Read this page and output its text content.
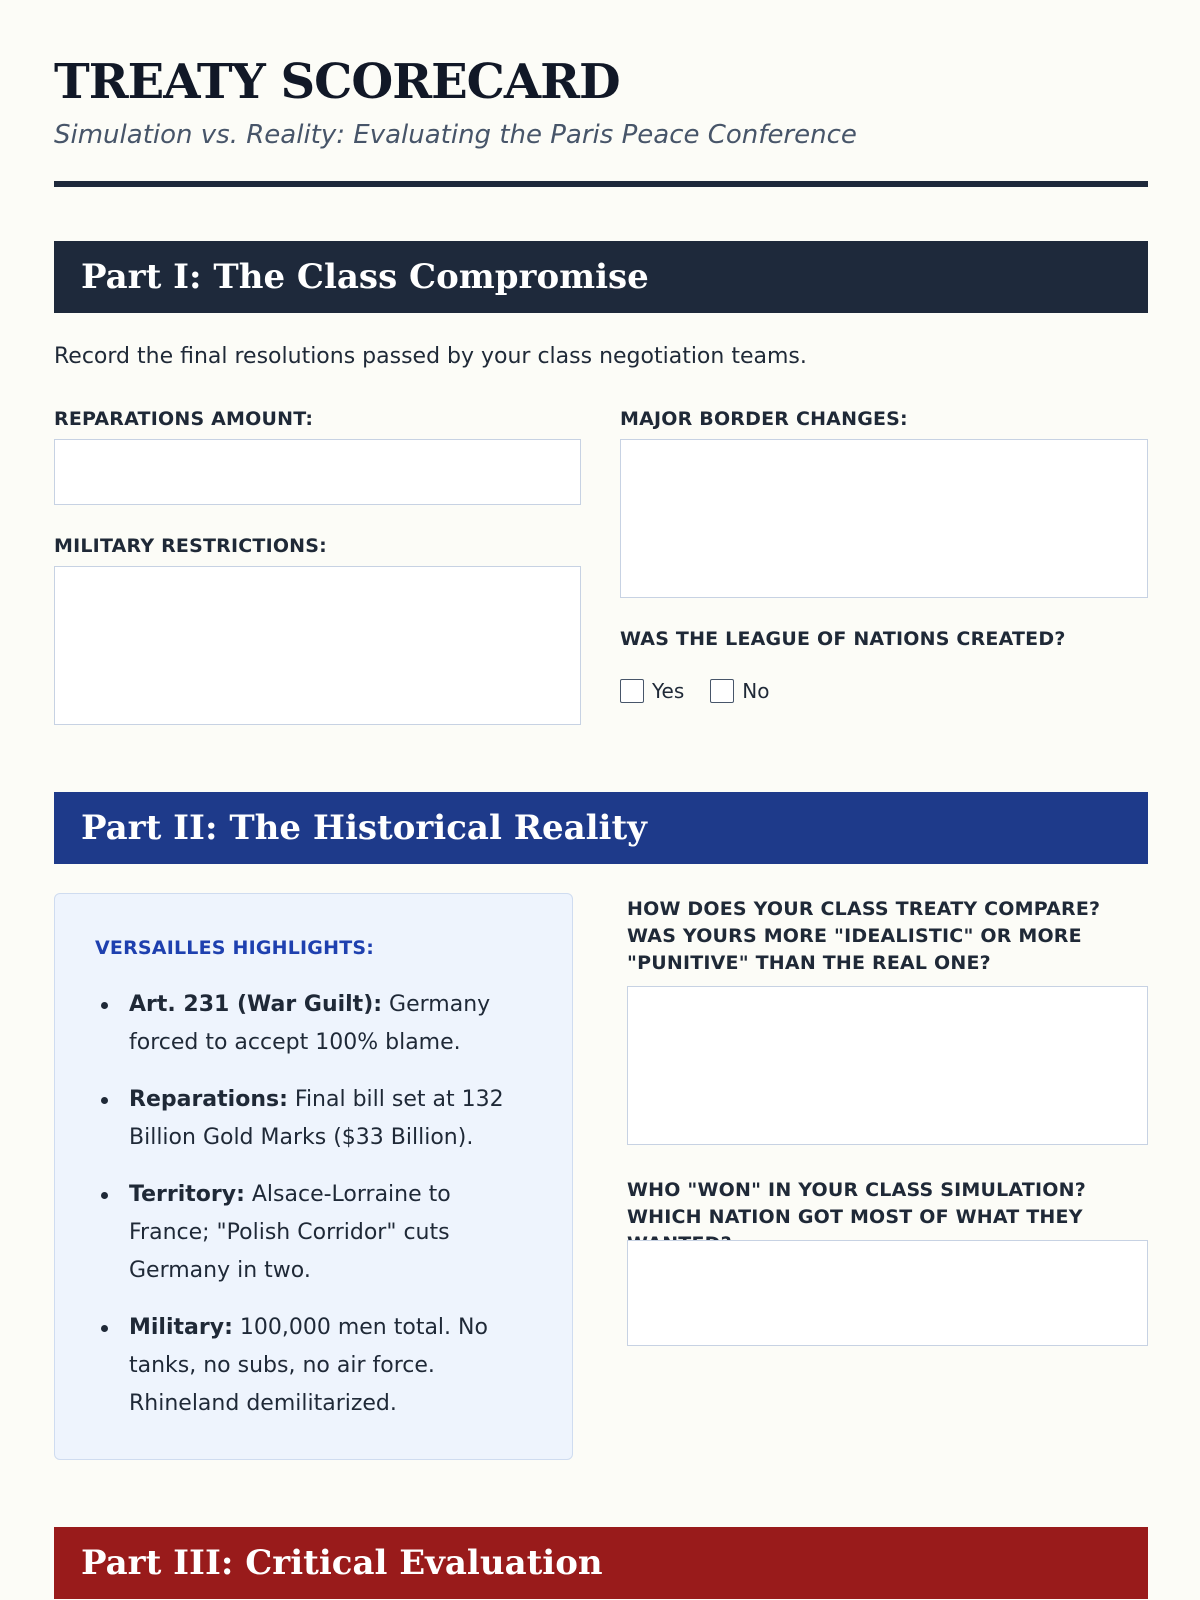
TREATY SCORECARD

Simulation vs. Reality: Evaluating the Paris Peace Conference

Part I: The Class Compromise

Record the final resolutions passed by your class negotiation teams.

REPARATIONS AMOUNT:
MILITARY RESTRICTIONS:
MAJOR BORDER CHANGES:
WAS THE LEAGUE OF NATIONS CREATED?
Yes	No
Part II: The Historical Reality
VERSAILLES HIGHLIGHTS:
Art. 231 (War Guilt): Germany forced to accept 100% blame.
Reparations: Final bill set at 132 Billion Gold Marks ($33 Billion).
Territory: Alsace-Lorraine to France; "Polish Corridor" cuts Germany in two.
Military: 100,000 men total. No tanks, no subs, no air force. Rhineland demilitarized.
HOW DOES YOUR CLASS TREATY COMPARE? WAS YOURS MORE "IDEALISTIC" OR MORE "PUNITIVE" THAN THE REAL ONE?
WHO "WON" IN YOUR CLASS SIMULATION? WHICH NATION GOT MOST OF WHAT THEY
Part III: Critical Evaluation
